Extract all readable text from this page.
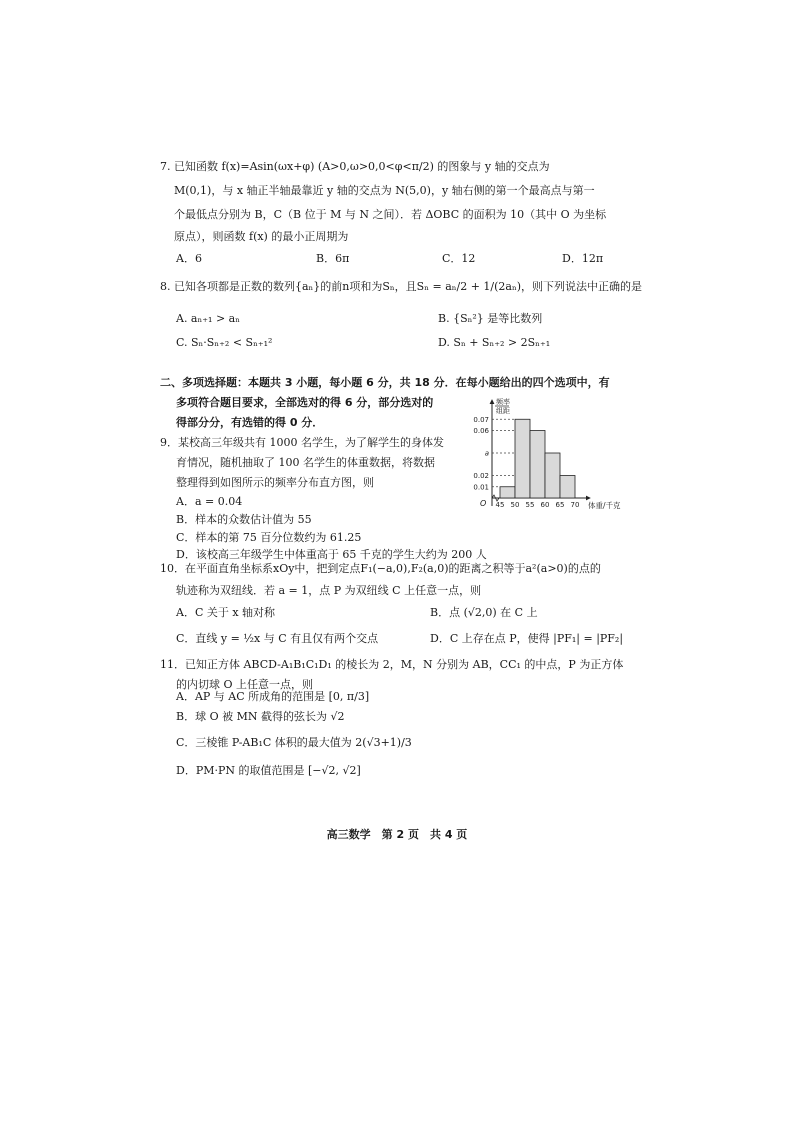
7. 已知函数 f(x)=Asin(ωx+φ) (A>0,ω>0,0<φ<π/2) 的图象与 y 轴的交点为
M(0,1)，与 x 轴正半轴最靠近 y 轴的交点为 N(5,0)，y 轴右侧的第一个最高点与第一
个最低点分别为 B，C（B 位于 M 与 N 之间）．若 ΔOBC 的面积为 10（其中 O 为坐标
原点），则函数 f(x) 的最小正周期为
A．6	B．6π	C．12	D．12π
8. 已知各项都是正数的数列{aₙ}的前n项和为Sₙ，且Sₙ = aₙ/2 + 1/(2aₙ)，则下列说法中正确的是
A. aₙ₊₁ > aₙ	B. {Sₙ²} 是等比数列
C. Sₙ·Sₙ₊₂ < Sₙ₊₁²	D. Sₙ + Sₙ₊₂ > 2Sₙ₊₁
二、多项选择题：本题共 3 小题，每小题 6 分，共 18 分．在每小题给出的四个选项中，有
多项符合题目要求，全部选对的得 6 分，部分选对的
得部分分，有选错的得 0 分．
9．某校高三年级共有 1000 名学生，为了解学生的身体发
育情况，随机抽取了 100 名学生的体重数据，将数据
整理得到如图所示的频率分布直方图，则
A．a = 0.04
B．样本的众数估计值为 55
C．样本的第 75 百分位数约为 61.25
D．该校高三年级学生中体重高于 65 千克的学生大约为 200 人
频率
组距
O	体重/千克
0.01
0.02
a
0.06
0.07
45 50 55 60 65 70
10．在平面直角坐标系xOy中，把到定点F₁(−a,0),F₂(a,0)的距离之积等于a²(a>0)的点的
轨迹称为双纽线．若 a = 1，点 P 为双纽线 C 上任意一点，则
A．C 关于 x 轴对称	B．点 (√2,0) 在 C 上
C．直线 y = ½x 与 C 有且仅有两个交点	D．C 上存在点 P，使得 |PF₁| = |PF₂|
11．已知正方体 ABCD-A₁B₁C₁D₁ 的棱长为 2，M，N 分别为 AB，CC₁ 的中点，P 为正方体
的内切球 O 上任意一点，则
A．AP 与 AC 所成角的范围是 [0, π/3]
B．球 O 被 MN 截得的弦长为 √2
C．三棱锥 P-AB₁C 体积的最大值为 2(√3+1)/3
D．PM·PN 的取值范围是 [−√2, √2]
高三数学　第 2 页　共 4 页
